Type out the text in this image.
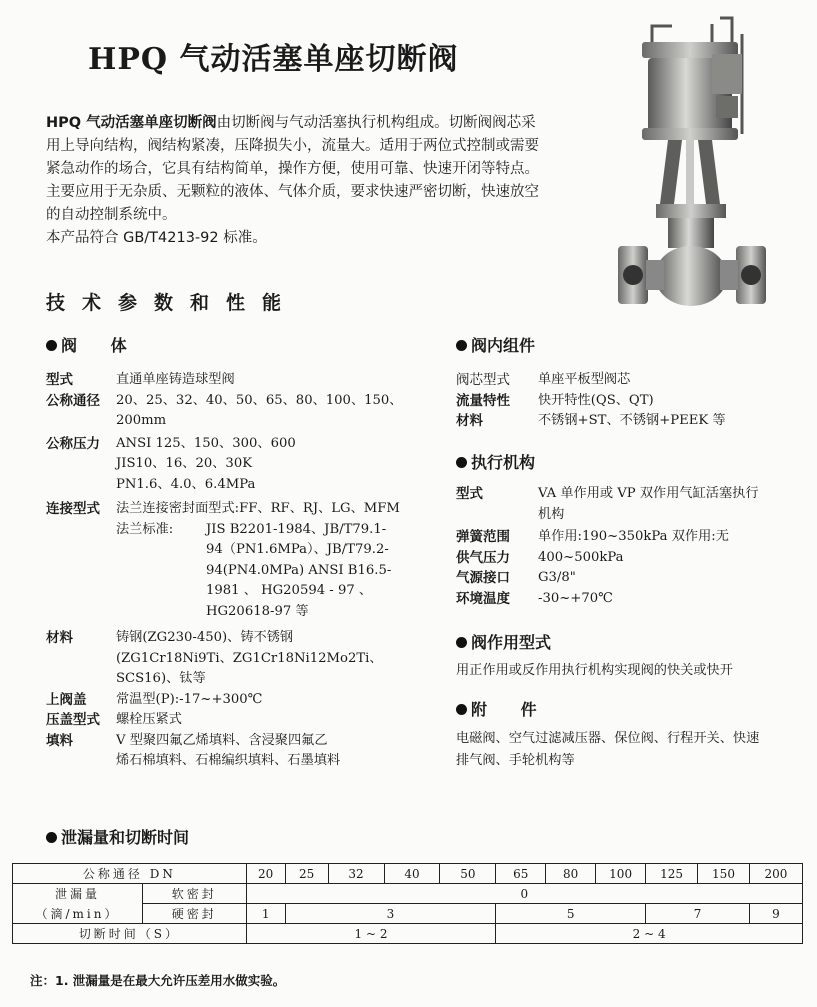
HPQ 气动活塞单座切断阀

HPQ 气动活塞单座切断阀由切断阀与气动活塞执行机构组成。切断阀阀芯采用上导向结构，阀结构紧凑，压降损失小，流量大。适用于两位式控制或需要紧急动作的场合，它具有结构简单，操作方便，使用可靠、快速开闭等特点。主要应用于无杂质、无颗粒的液体、气体介质，要求快速严密切断，快速放空的自动控制系统中。

本产品符合 GB/T4213-92 标准。

技术参数和性能
阀 体
型式	直通单座铸造球型阀
公称通径	20、25、32、40、50、65、80、100、150、200mm
公称压力	ANSI 125、150、300、600
JIS10、16、20、30K
PN1.6、4.0、6.4MPa
连接型式	法兰连接密封面型式:FF、RF、RJ、LG、MFM
法兰标准:	JIS B2201-1984、JB/T79.1-
94（PN1.6MPa）、JB/T79.2-
94(PN4.0MPa) ANSI B16.5-
1981 、 HG20594 - 97 、
HG20618-97 等
材料	铸钢(ZG230-450)、铸不锈钢
(ZG1Cr18Ni9Ti、ZG1Cr18Ni12Mo2Ti、
SCS16)、钛等
上阀盖	常温型(P):-17~+300℃
压盖型式	螺栓压紧式
填料	V 型聚四氟乙烯填料、含浸聚四氟乙
烯石棉填料、石棉编织填料、石墨填料
阀内组件
阀芯型式	单座平板型阀芯
流量特性	快开特性(QS、QT)
材料	不锈钢+ST、不锈钢+PEEK 等
执行机构
型式	VA 单作用或 VP 双作用气缸活塞执行
机构
弹簧范围	单作用:190~350kPa 双作用:无
供气压力	400~500kPa
气源接口	G3/8"
环境温度	-30~+70℃
阀作用型式
用正作用或反作用执行机构实现阀的快关或快开
附 件
电磁阀、空气过滤减压器、保位阀、行程开关、快速
排气阀、手轮机构等
泄漏量和切断时间
公称通径 DN		20	25	32	40	50	65	80	100	125	150	200
泄漏量	软密封	0										
（滴/min）	硬密封	1	3				5			7		9
切断时间（S）		1 ~ 2					2 ~ 4					
注：1. 泄漏量是在最大允许压差用水做实验。
